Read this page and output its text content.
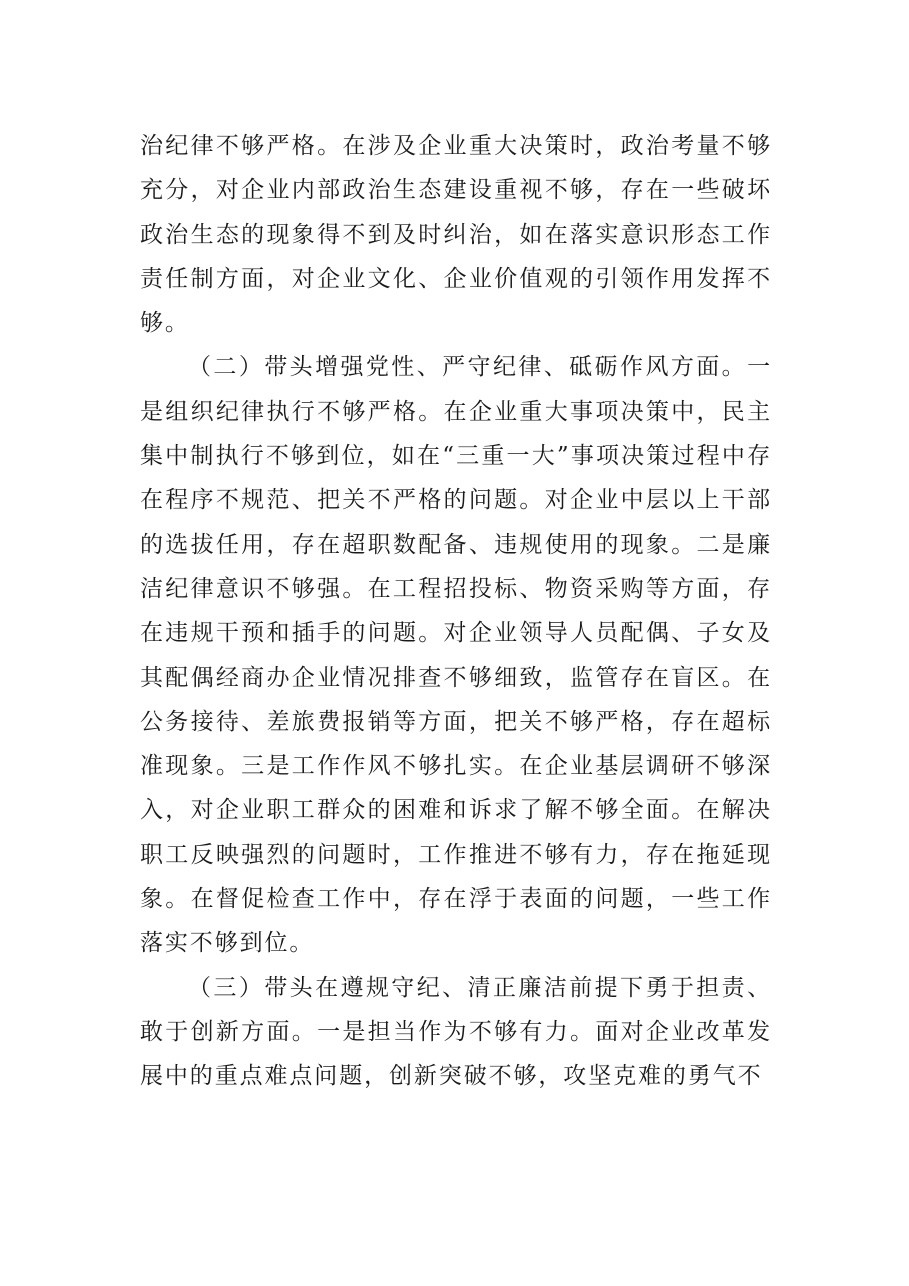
治纪律不够严格。在涉及企业重大决策时，政治考量不够充分，对企业内部政治生态建设重视不够，存在一些破坏政治生态的现象得不到及时纠治，如在落实意识形态工作责任制方面，对企业文化、企业价值观的引领作用发挥不够。

（二）带头增强党性、严守纪律、砥砺作风方面。一是组织纪律执行不够严格。在企业重大事项决策中，民主集中制执行不够到位，如在“三重一大”事项决策过程中存在程序不规范、把关不严格的问题。对企业中层以上干部的选拔任用，存在超职数配备、违规使用的现象。二是廉洁纪律意识不够强。在工程招投标、物资采购等方面，存在违规干预和插手的问题。对企业领导人员配偶、子女及其配偶经商办企业情况排查不够细致，监管存在盲区。在公务接待、差旅费报销等方面，把关不够严格，存在超标准现象。三是工作作风不够扎实。在企业基层调研不够深入，对企业职工群众的困难和诉求了解不够全面。在解决职工反映强烈的问题时，工作推进不够有力，存在拖延现象。在督促检查工作中，存在浮于表面的问题，一些工作落实不够到位。

（三）带头在遵规守纪、清正廉洁前提下勇于担责、敢于创新方面。一是担当作为不够有力。面对企业改革发展中的重点难点问题，创新突破不够，攻坚克难的勇气不
